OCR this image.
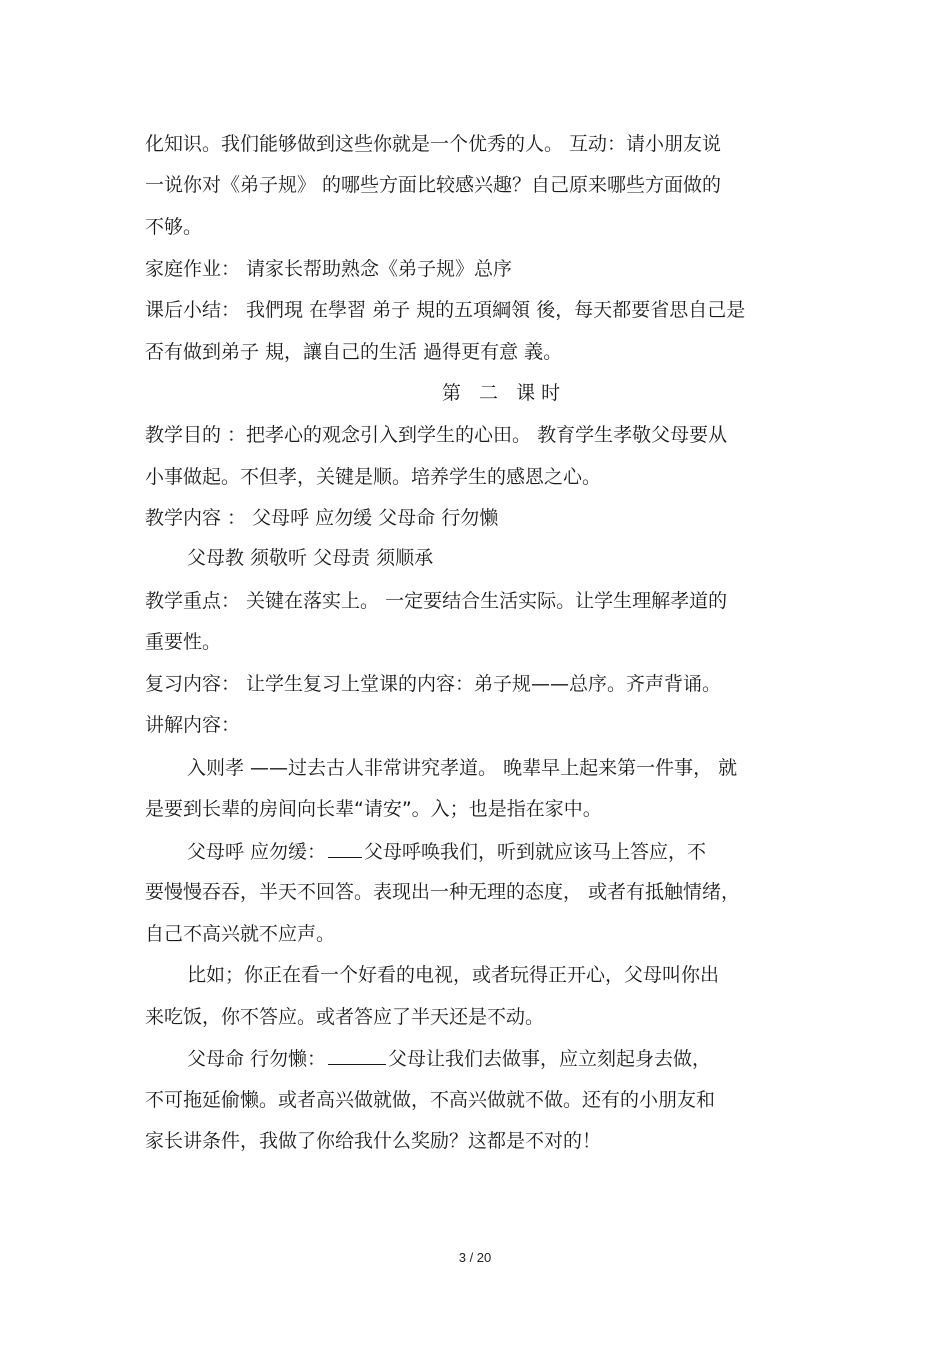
化知识。我们能够做到这些你就是一个优秀的人。 互动：请小朋友说
一说你对《弟子规》 的哪些方面比较感兴趣？自己原来哪些方面做的
不够。
家庭作业： 请家长帮助熟念《弟子规》总序
课后小结： 我們現 在學習 弟子 規的五項綱領 後，每天都要省思自己是
否有做到弟子 規，讓自己的生活 過得更有意 義。
第 二 课时
教学目的 ：把孝心的观念引入到学生的心田。 教育学生孝敬父母要从
小事做起。不但孝，关键是顺。培养学生的感恩之心。
教学内容 ： 父母呼 应勿缓 父母命 行勿懒
父母教 须敬听 父母责 须顺承
教学重点： 关键在落实上。 一定要结合生活实际。让学生理解孝道的
重要性。
复习内容： 让学生复习上堂课的内容：弟子规——总序。齐声背诵。
讲解内容：
入则孝 ——过去古人非常讲究孝道。 晚辈早上起来第一件事， 就
是要到长辈的房间向长辈“请安”。入；也是指在家中。
父母呼 应勿缓： 父母呼唤我们，听到就应该马上答应，不
要慢慢吞吞，半天不回答。表现出一种无理的态度， 或者有抵触情绪，
自己不高兴就不应声。
比如；你正在看一个好看的电视，或者玩得正开心，父母叫你出
来吃饭，你不答应。或者答应了半天还是不动。
父母命 行勿懒：	父母让我们去做事，应立刻起身去做，
不可拖延偷懒。或者高兴做就做，不高兴做就不做。还有的小朋友和
家长讲条件，我做了你给我什么奖励？这都是不对的！
3 / 20
